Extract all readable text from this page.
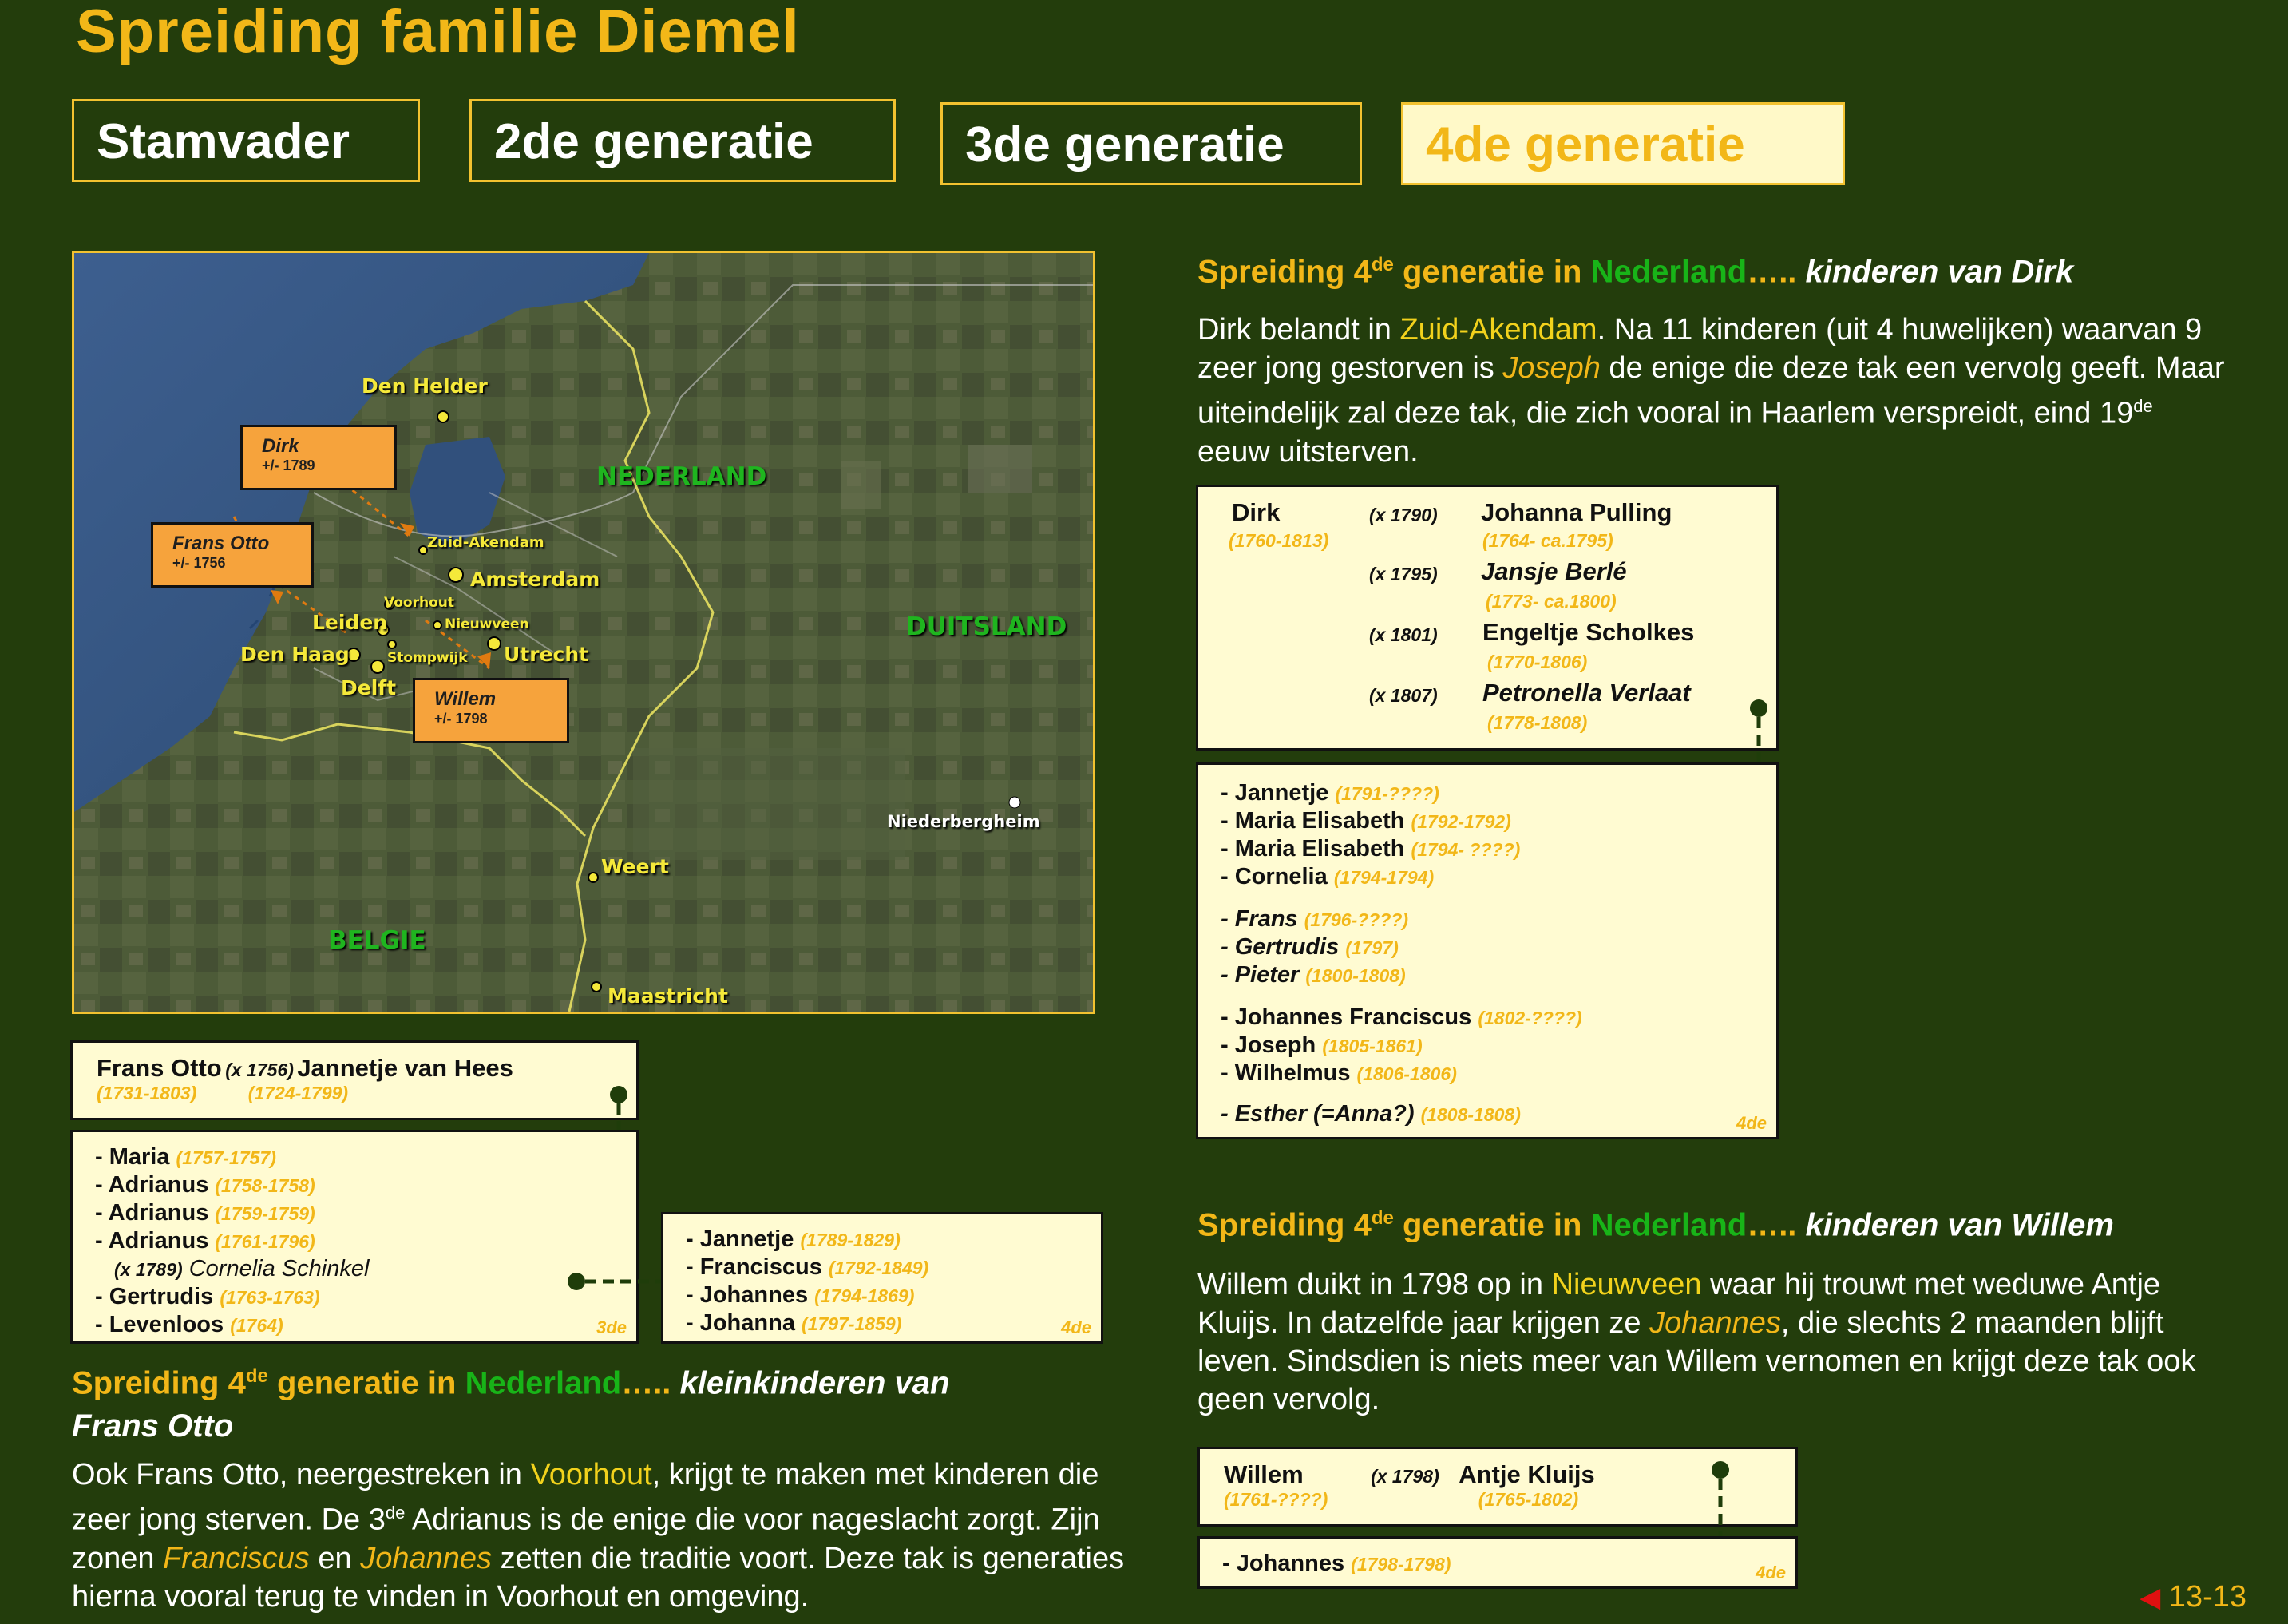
Spreiding familie Diemel
Stamvader	2de generatie	3de generatie	4de generatie
Den Helder
Zuid-Akendam
Amsterdam
Voorhout
Leiden	Nieuwveen
Den Haag	Stompwijk Utrecht
Delft
Niederbergheim
Weert
Maastricht
NEDERLAND
DUITSLAND
BELGIE
Dirk
+/- 1789
Frans Otto
+/- 1756
Willem
+/- 1798
Frans Otto (x 1756) Jannetje van Hees
(1731-1803)	(1724-1799)
- Maria (1757-1757)
- Adrianus (1758-1758)
- Adrianus (1759-1759)
- Adrianus (1761-1796)
(x 1789) Cornelia Schinkel
- Gertrudis (1763-1763)
- Levenloos (1764)	3de
- Jannetje (1789-1829)
- Franciscus (1792-1849)
- Johannes (1794-1869)
- Johanna (1797-1859)	4de
Spreiding 4de generatie in Nederland….. kleinkinderen van
Frans Otto
Ook Frans Otto, neergestreken in Voorhout, krijgt te maken met kinderen die zeer jong sterven. De 3de Adrianus is de enige die voor nageslacht zorgt. Zijn zonen Franciscus en Johannes zetten die traditie voort. Deze tak is generaties hierna vooral terug te vinden in Voorhout en omgeving.
Spreiding 4de generatie in Nederland….. kinderen van Dirk
Dirk belandt in Zuid-Akendam. Na 11 kinderen (uit 4 huwelijken) waarvan 9 zeer jong gestorven is Joseph de enige die deze tak een vervolg geeft. Maar uiteindelijk zal deze tak, die zich vooral in Haarlem verspreidt, eind 19de eeuw uitsterven.
Dirk
(1760-1813)
(x 1790) Johanna Pulling
(1764- ca.1795)
(x 1795) Jansje Berlé
(1773- ca.1800)
(x 1801) Engeltje Scholkes
(1770-1806)
(x 1807) Petronella Verlaat
(1778-1808)
- Jannetje (1791-????)
- Maria Elisabeth (1792-1792)
- Maria Elisabeth (1794- ????)
- Cornelia (1794-1794)
- Frans (1796-????)
- Gertrudis (1797)
- Pieter (1800-1808)
- Johannes Franciscus (1802-????)
- Joseph (1805-1861)
- Wilhelmus (1806-1806)
- Esther (=Anna?) (1808-1808)	4de
Spreiding 4de generatie in Nederland….. kinderen van Willem
Willem duikt in 1798 op in Nieuwveen waar hij trouwt met weduwe Antje Kluijs. In datzelfde jaar krijgen ze Johannes, die slechts 2 maanden blijft leven. Sindsdien is niets meer van Willem vernomen en krijgt deze tak ook geen vervolg.
Willem	(x 1798) Antje Kluijs
(1761-????)	(1765-1802)
- Johannes (1798-1798)	4de
◀ 13-13
